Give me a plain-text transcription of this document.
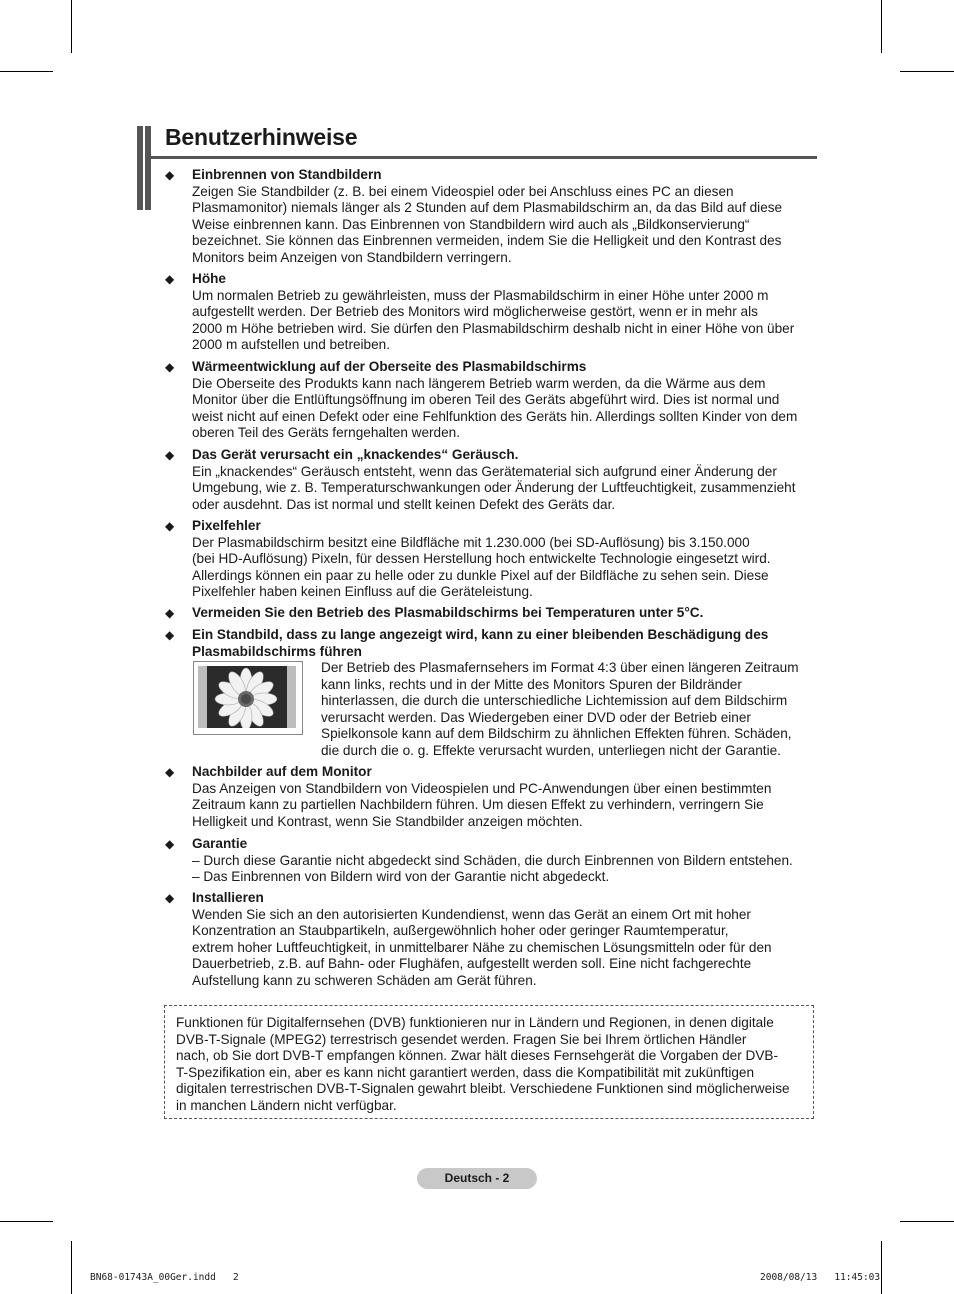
Benutzerhinweise
◆ Einbrennen von Standbildern
Zeigen Sie Standbilder (z. B. bei einem Videospiel oder bei Anschluss eines PC an diesen
Plasmamonitor) niemals länger als 2 Stunden auf dem Plasmabildschirm an, da das Bild auf diese
Weise einbrennen kann. Das Einbrennen von Standbildern wird auch als „Bildkonservierung“
bezeichnet. Sie können das Einbrennen vermeiden, indem Sie die Helligkeit und den Kontrast des
Monitors beim Anzeigen von Standbildern verringern.
◆ Höhe
Um normalen Betrieb zu gewährleisten, muss der Plasmabildschirm in einer Höhe unter 2000 m
aufgestellt werden. Der Betrieb des Monitors wird möglicherweise gestört, wenn er in mehr als
2000 m Höhe betrieben wird. Sie dürfen den Plasmabildschirm deshalb nicht in einer Höhe von über
2000 m aufstellen und betreiben.
◆ Wärmeentwicklung auf der Oberseite des Plasmabildschirms
Die Oberseite des Produkts kann nach längerem Betrieb warm werden, da die Wärme aus dem
Monitor über die Entlüftungsöffnung im oberen Teil des Geräts abgeführt wird. Dies ist normal und
weist nicht auf einen Defekt oder eine Fehlfunktion des Geräts hin. Allerdings sollten Kinder von dem
oberen Teil des Geräts ferngehalten werden.
◆ Das Gerät verursacht ein „knackendes“ Geräusch.
Ein „knackendes“ Geräusch entsteht, wenn das Gerätematerial sich aufgrund einer Änderung der
Umgebung, wie z. B. Temperaturschwankungen oder Änderung der Luftfeuchtigkeit, zusammenzieht
oder ausdehnt. Das ist normal und stellt keinen Defekt des Geräts dar.
◆ Pixelfehler
Der Plasmabildschirm besitzt eine Bildfläche mit 1.230.000 (bei SD-Auflösung) bis 3.150.000
(bei HD-Auflösung) Pixeln, für dessen Herstellung hoch entwickelte Technologie eingesetzt wird.
Allerdings können ein paar zu helle oder zu dunkle Pixel auf der Bildfläche zu sehen sein. Diese
Pixelfehler haben keinen Einfluss auf die Geräteleistung.
◆ Vermeiden Sie den Betrieb des Plasmabildschirms bei Temperaturen unter 5°C.
◆ Ein Standbild, dass zu lange angezeigt wird, kann zu einer bleibenden Beschädigung des
Plasmabildschirms führen
Der Betrieb des Plasmafernsehers im Format 4:3 über einen längeren Zeitraum
kann links, rechts und in der Mitte des Monitors Spuren der Bildränder
hinterlassen, die durch die unterschiedliche Lichtemission auf dem Bildschirm
verursacht werden. Das Wiedergeben einer DVD oder der Betrieb einer
Spielkonsole kann auf dem Bildschirm zu ähnlichen Effekten führen. Schäden,
die durch die o. g. Effekte verursacht wurden, unterliegen nicht der Garantie.
◆ Nachbilder auf dem Monitor
Das Anzeigen von Standbildern von Videospielen und PC-Anwendungen über einen bestimmten
Zeitraum kann zu partiellen Nachbildern führen. Um diesen Effekt zu verhindern, verringern Sie
Helligkeit und Kontrast, wenn Sie Standbilder anzeigen möchten.
◆ Garantie
– Durch diese Garantie nicht abgedeckt sind Schäden, die durch Einbrennen von Bildern entstehen.
– Das Einbrennen von Bildern wird von der Garantie nicht abgedeckt.
◆ Installieren
Wenden Sie sich an den autorisierten Kundendienst, wenn das Gerät an einem Ort mit hoher
Konzentration an Staubpartikeln, außergewöhnlich hoher oder geringer Raumtemperatur,
extrem hoher Luftfeuchtigkeit, in unmittelbarer Nähe zu chemischen Lösungsmitteln oder für den
Dauerbetrieb, z.B. auf Bahn- oder Flughäfen, aufgestellt werden soll. Eine nicht fachgerechte
Aufstellung kann zu schweren Schäden am Gerät führen.
Funktionen für Digitalfernsehen (DVB) funktionieren nur in Ländern und Regionen, in denen digitale
DVB-T-Signale (MPEG2) terrestrisch gesendet werden. Fragen Sie bei Ihrem örtlichen Händler
nach, ob Sie dort DVB-T empfangen können. Zwar hält dieses Fernsehgerät die Vorgaben der DVB-
T-Spezifikation ein, aber es kann nicht garantiert werden, dass die Kompatibilität mit zukünftigen
digitalen terrestrischen DVB-T-Signalen gewahrt bleibt. Verschiedene Funktionen sind möglicherweise
in manchen Ländern nicht verfügbar.
Deutsch - 2
BN68-01743A_00Ger.indd   2	2008/08/13   11:45:03
